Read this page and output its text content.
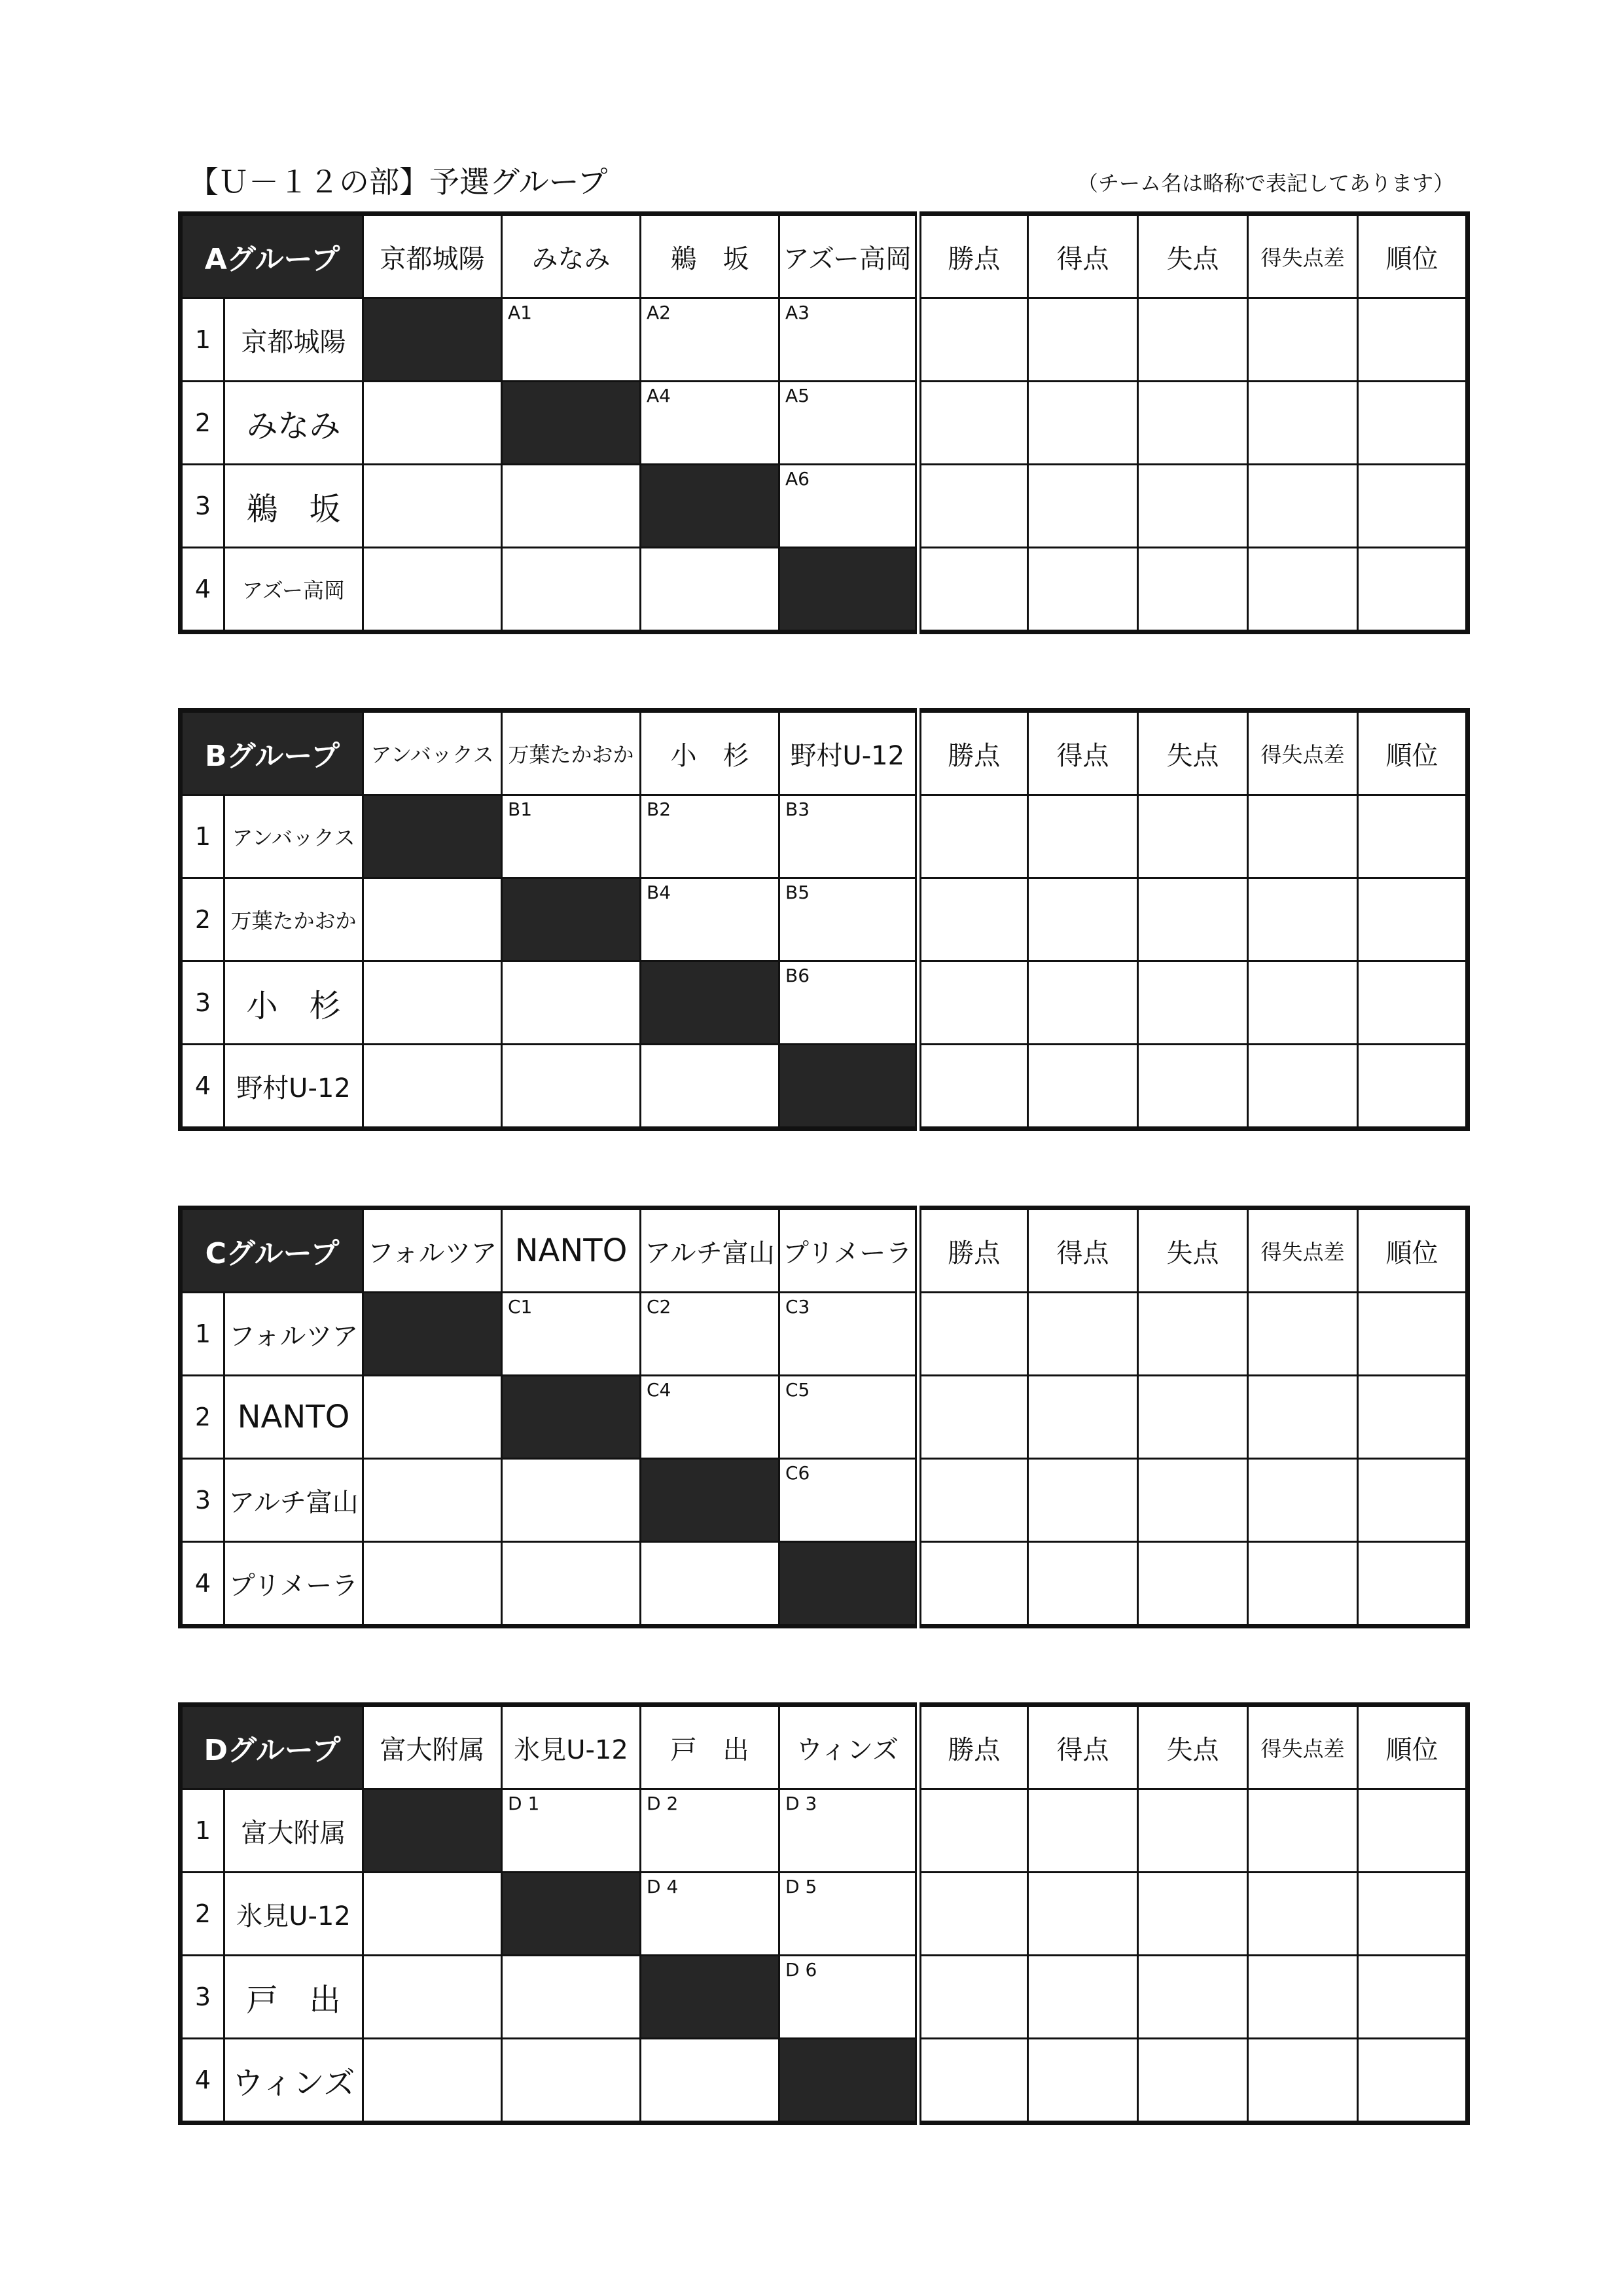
【Ｕ－１２の部】予選グループ	（チーム名は略称で表記してあります）
Aグループ		京都城陽	みなみ	鵜　坂	アズー高岡	勝点	得点	失点	得失点差	順位
1	京都城陽		A1	A2	A3					

2	みなみ			A4	A5					

3	鵜　坂				A6					

4	アズー高岡									
Bグループ		アンバックス	万葉たかおか	小　杉	野村U-12	勝点	得点	失点	得失点差	順位
1	アンバックス		B1	B2	B3					

2	万葉たかおか			B4	B5					

3	小　杉				B6					

4	野村U-12									
Cグループ		フォルツア	NANTO	アルチ富山	プリメーラ	勝点	得点	失点	得失点差	順位
1	フォルツア		C1	C2	C3					

2	NANTO			C4	C5					

3	アルチ富山				C6					

4	プリメーラ									
Dグループ		富大附属	氷見U-12	戸　出	ウィンズ	勝点	得点	失点	得失点差	順位
1	富大附属		D 1	D 2	D 3					

2	氷見U-12			D 4	D 5					

3	戸　出				D 6					

4	ウィンズ									
